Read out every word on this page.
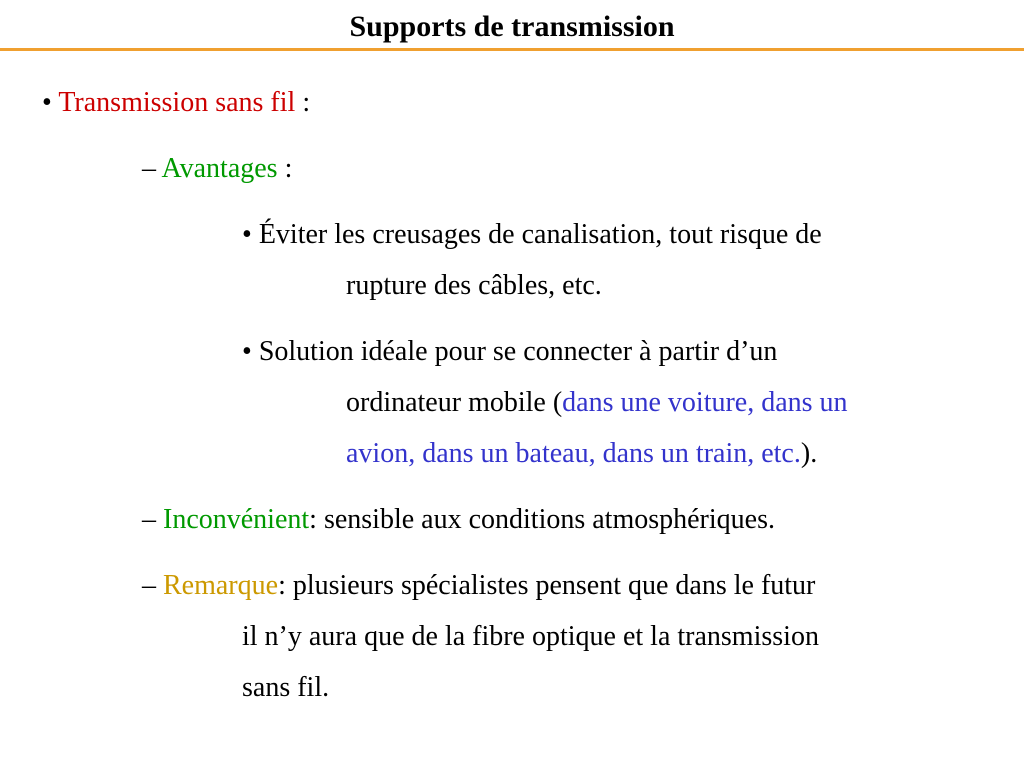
Supports de transmission
• Transmission sans fil :
– Avantages :
• Éviter les creusages de canalisation, tout risque de
rupture des câbles, etc.
• Solution idéale pour se connecter à partir d’un
ordinateur mobile (dans une voiture, dans un
avion, dans un bateau, dans un train, etc.).
– Inconvénient: sensible aux conditions atmosphériques.
– Remarque: plusieurs spécialistes pensent que dans le futur
il n’y aura que de la fibre optique et la transmission
sans fil.
